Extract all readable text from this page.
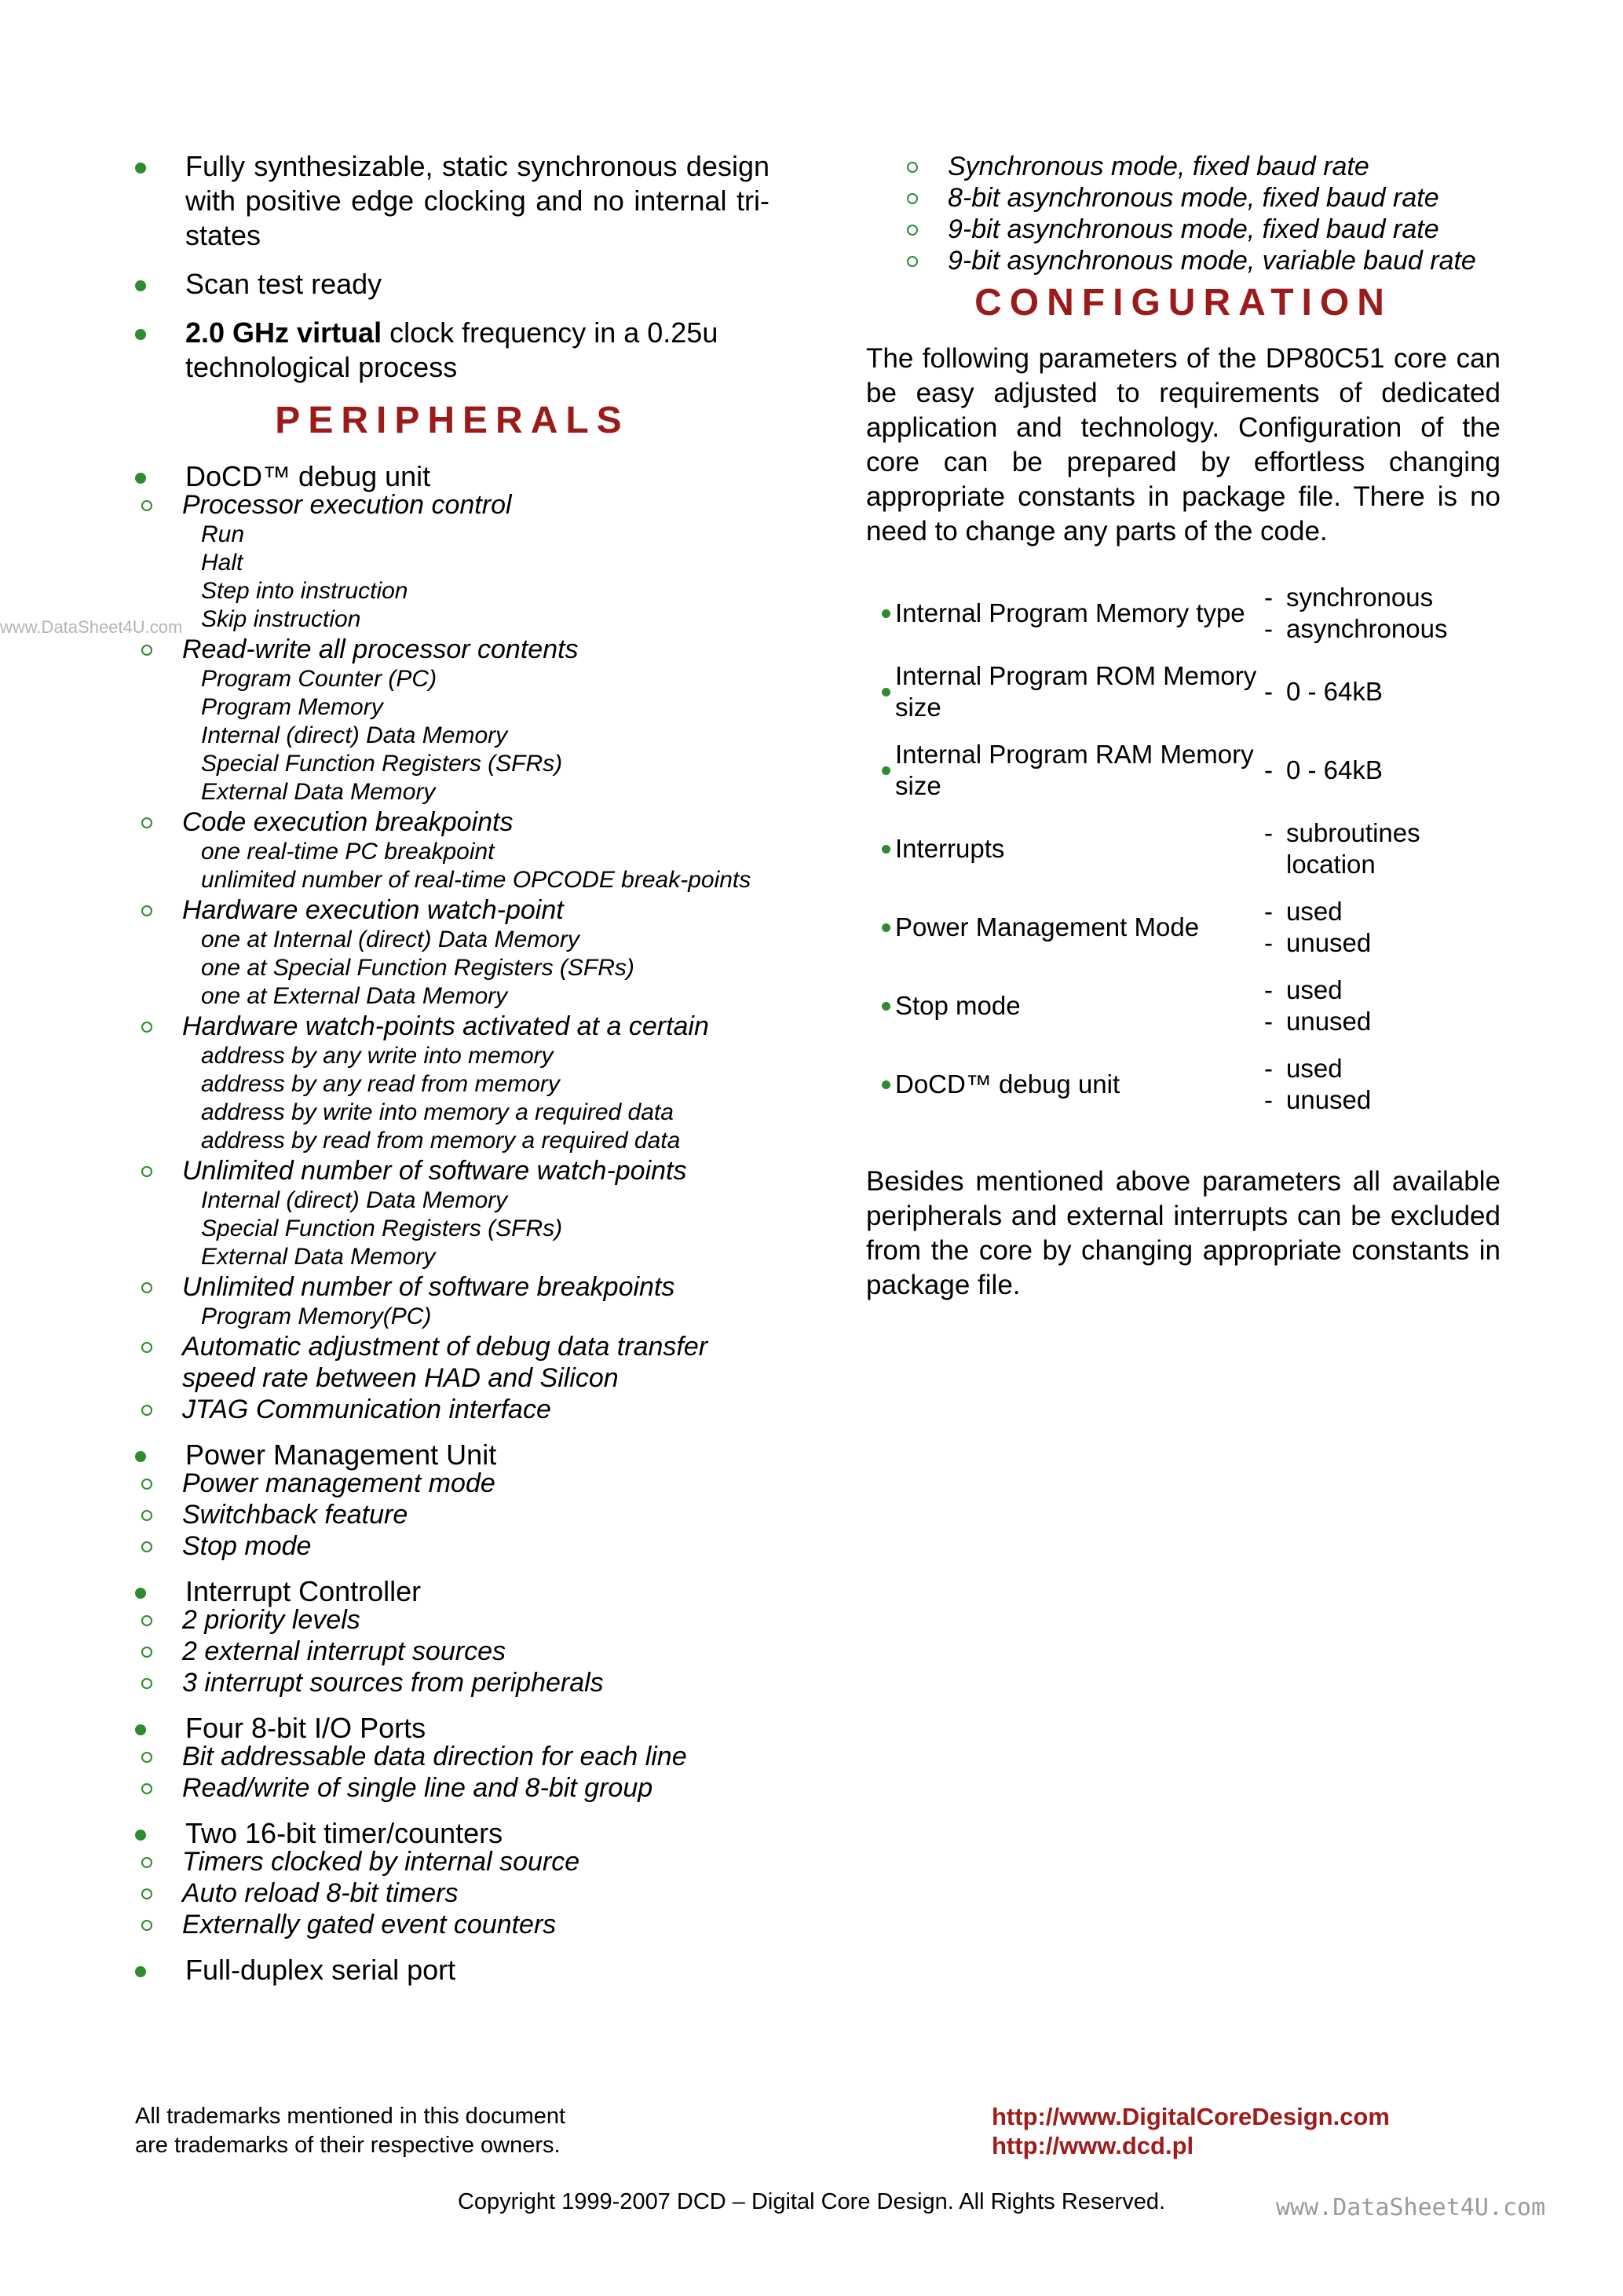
www.DataSheet4U.com
Fully synthesizable, static synchronous design with positive edge clocking and no internal tri-states
Scan test ready
2.0 GHz virtual clock frequency in a 0.25u technological process
PERIPHERALS
DoCD™ debug unit
Processor execution control
Run
Halt
Step into instruction
Skip instruction
Read-write all processor contents
Program Counter (PC)
Program Memory
Internal (direct) Data Memory
Special Function Registers (SFRs)
External Data Memory
Code execution breakpoints
one real-time PC breakpoint
unlimited number of real-time OPCODE break-points
Hardware execution watch-point
one at Internal (direct) Data Memory
one at Special Function Registers (SFRs)
one at External Data Memory
Hardware watch-points activated at a certain
address by any write into memory
address by any read from memory
address by write into memory a required data
address by read from memory a required data
Unlimited number of software watch-points
Internal (direct) Data Memory
Special Function Registers (SFRs)
External Data Memory
Unlimited number of software breakpoints
Program Memory(PC)
Automatic adjustment of debug data transfer speed rate between HAD and Silicon
JTAG Communication interface
Power Management Unit
Power management mode
Switchback feature
Stop mode
Interrupt Controller
2 priority levels
2 external interrupt sources
3 interrupt sources from peripherals
Four 8-bit I/O Ports
Bit addressable data direction for each line
Read/write of single line and 8-bit group
Two 16-bit timer/counters
Timers clocked by internal source
Auto reload 8-bit timers
Externally gated event counters
Full-duplex serial port
Synchronous mode, fixed baud rate
8-bit asynchronous mode, fixed baud rate
9-bit asynchronous mode, fixed baud rate
9-bit asynchronous mode, variable baud rate
CONFIGURATION
The following parameters of the DP80C51 core can be easy adjusted to requirements of dedicated application and technology. Configuration of the core can be prepared by effortless changing appropriate constants in package file. There is no need to change any parts of the code.
	Internal Program Memory type	- synchronous
- asynchronous

	Internal Program ROM Memory size	- 0 - 64kB

	Internal Program RAM Memory size	- 0 - 64kB

	Interrupts	- subroutines location

	Power Management Mode	- used
- unused

	Stop mode	- used
- unused

	DoCD™ debug unit	- used
- unused
Besides mentioned above parameters all available peripherals and external interrupts can be excluded from the core by changing appropriate constants in package file.
All trademarks mentioned in this document
are trademarks of their respective owners.
http://www.DigitalCoreDesign.com
http://www.dcd.pl
Copyright 1999-2007 DCD – Digital Core Design. All Rights Reserved.	www.DataSheet4U.com
